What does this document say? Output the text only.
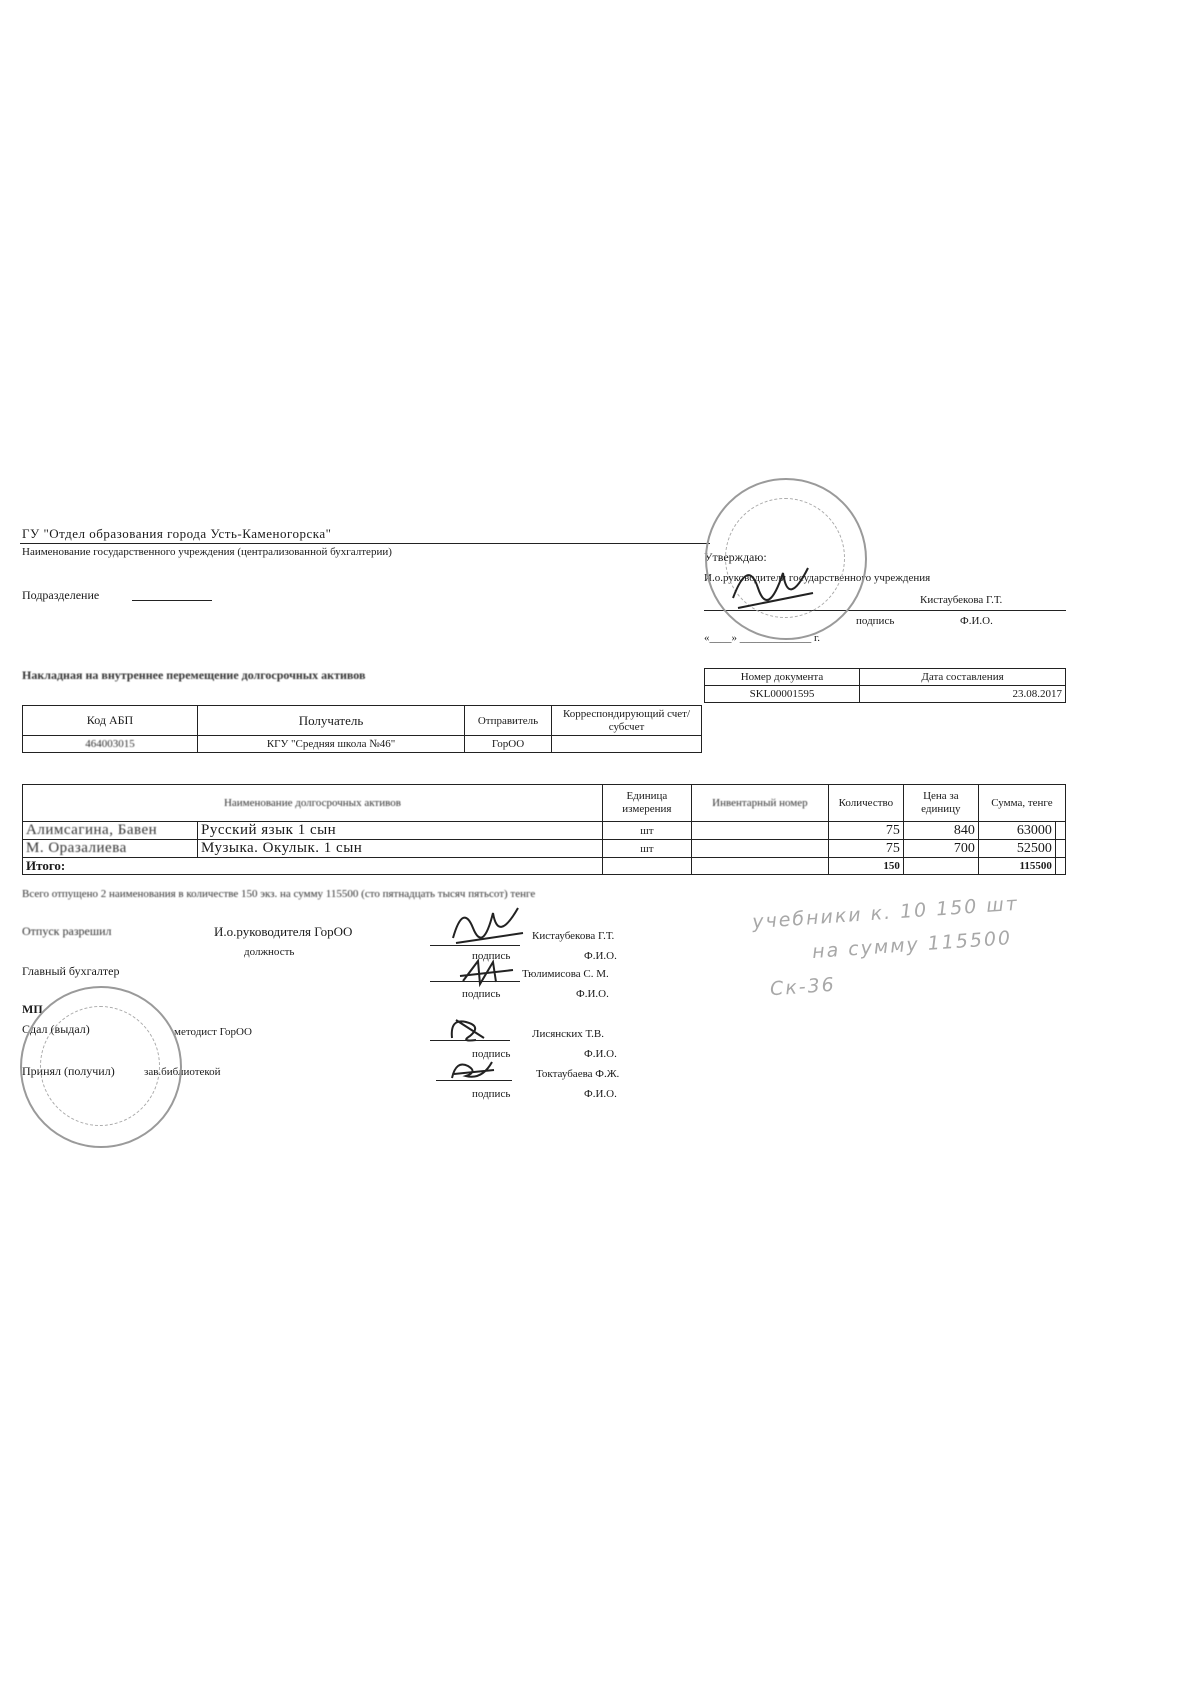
ГУ "Отдел образования города Усть-Каменогорска"
Наименование государственного учреждения (централизованной бухгалтерии)
Подразделение
Утверждаю:
И.о.руководителя государственного учреждения
Кистаубекова Г.Т.
подпись	Ф.И.О.
«____» _____________ г.
Накладная на внутреннее перемещение долгосрочных активов	Номер документа	Дата составления
SKL00001595	23.08.2017
Код АБП	Получатель	Отправитель	Корреспондирующий счет/субсчет
464003015	КГУ "Средняя школа №46"	ГорОО	
Наименование долгосрочных активов		Единица измерения	Инвентарный номер	Количество	Цена за единицу	Сумма, тенге	
Алимсагина, Бавен	Русский язык 1 сын	шт		75	840	63000	
М. Оразалиева	Музыка. Окулык. 1 сын	шт		75	700	52500	
Итого:				150		115500	
Всего отпущено 2 наименования в количестве 150 экз. на сумму 115500 (сто пятнадцать тысяч пятьсот) тенге
Отпуск разрешил	И.о.руководителя ГорОО
должность
Кистаубекова Г.Т.
подпись	Ф.И.О.
Главный бухгалтер	Тюлимисова С. М.
подпись	Ф.И.О.
МП
Сдал (выдал)	методист ГорОО	Лисянских Т.В.
подпись	Ф.И.О.
Принял (получил)	зав.библиотекой	Токтаубаева Ф.Ж.
подпись	Ф.И.О.
учебники к. 10 150 шт
на сумму 115500
Ск-36
